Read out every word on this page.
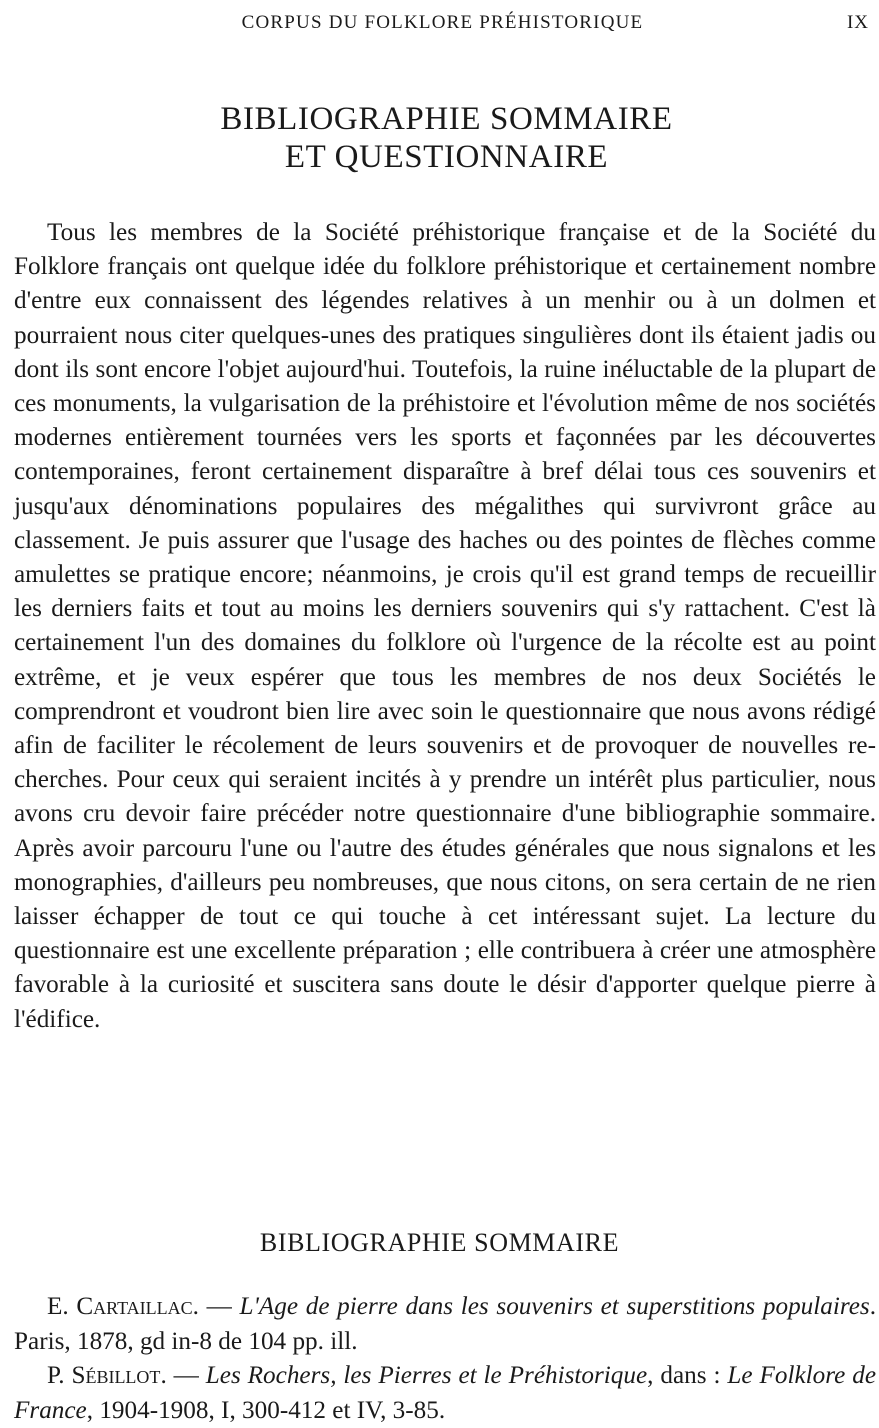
CORPUS DU FOLKLORE PRÉHISTORIQUE	IX
BIBLIOGRAPHIE SOMMAIRE
ET QUESTIONNAIRE

Tous les membres de la Société préhistorique française et de la Société du Folklore français ont quelque idée du folklore préhistorique et certainement nombre d'entre eux connaissent des légendes relatives à un menhir ou à un dolmen et pourraient nous citer quelques-unes des pratiques singulières dont ils étaient jadis ou dont ils sont encore l'objet aujourd'hui. Toutefois, la ruine inéluctable de la plupart de ces monuments, la vulgarisation de la préhistoire et l'évolution même de nos sociétés modernes entièrement tournées vers les sports et façonnées par les découvertes contemporaines, feront certainement disparaître à bref délai tous ces souvenirs et jusqu'aux dénominations populaires des mégalithes qui survivront grâce au classement. Je puis assurer que l'usage des haches ou des pointes de flèches comme amulettes se pratique encore; néanmoins, je crois qu'il est grand temps de recueillir les derniers faits et tout au moins les derniers souvenirs qui s'y rattachent. C'est là certainement l'un des domaines du folklore où l'urgence de la récolte est au point extrême, et je veux espérer que tous les membres de nos deux Sociétés le comprendront et voudront bien lire avec soin le questionnaire que nous avons rédigé afin de faciliter le récolement de leurs souvenirs et de provoquer de nouvelles recherches. Pour ceux qui seraient incités à y prendre un intérêt plus particulier, nous avons cru devoir faire précéder notre questionnaire d'une bibliographie sommaire. Après avoir parcouru l'une ou l'autre des études générales que nous signalons et les monographies, d'ailleurs peu nombreuses, que nous citons, on sera certain de ne rien laisser échapper de tout ce qui touche à cet intéressant sujet. La lecture du questionnaire est une excellente préparation ; elle contribuera à créer une atmosphère favorable à la curiosité et suscitera sans doute le désir d'apporter quelque pierre à l'édifice.

BIBLIOGRAPHIE SOMMAIRE

E. Cartaillac. — L'Age de pierre dans les souvenirs et superstitions populaires. Paris, 1878, gd in-8 de 104 pp. ill.

P. Sébillot. — Les Rochers, les Pierres et le Préhistorique, dans : Le Folklore de France, 1904-1908, I, 300-412 et IV, 3-85.
